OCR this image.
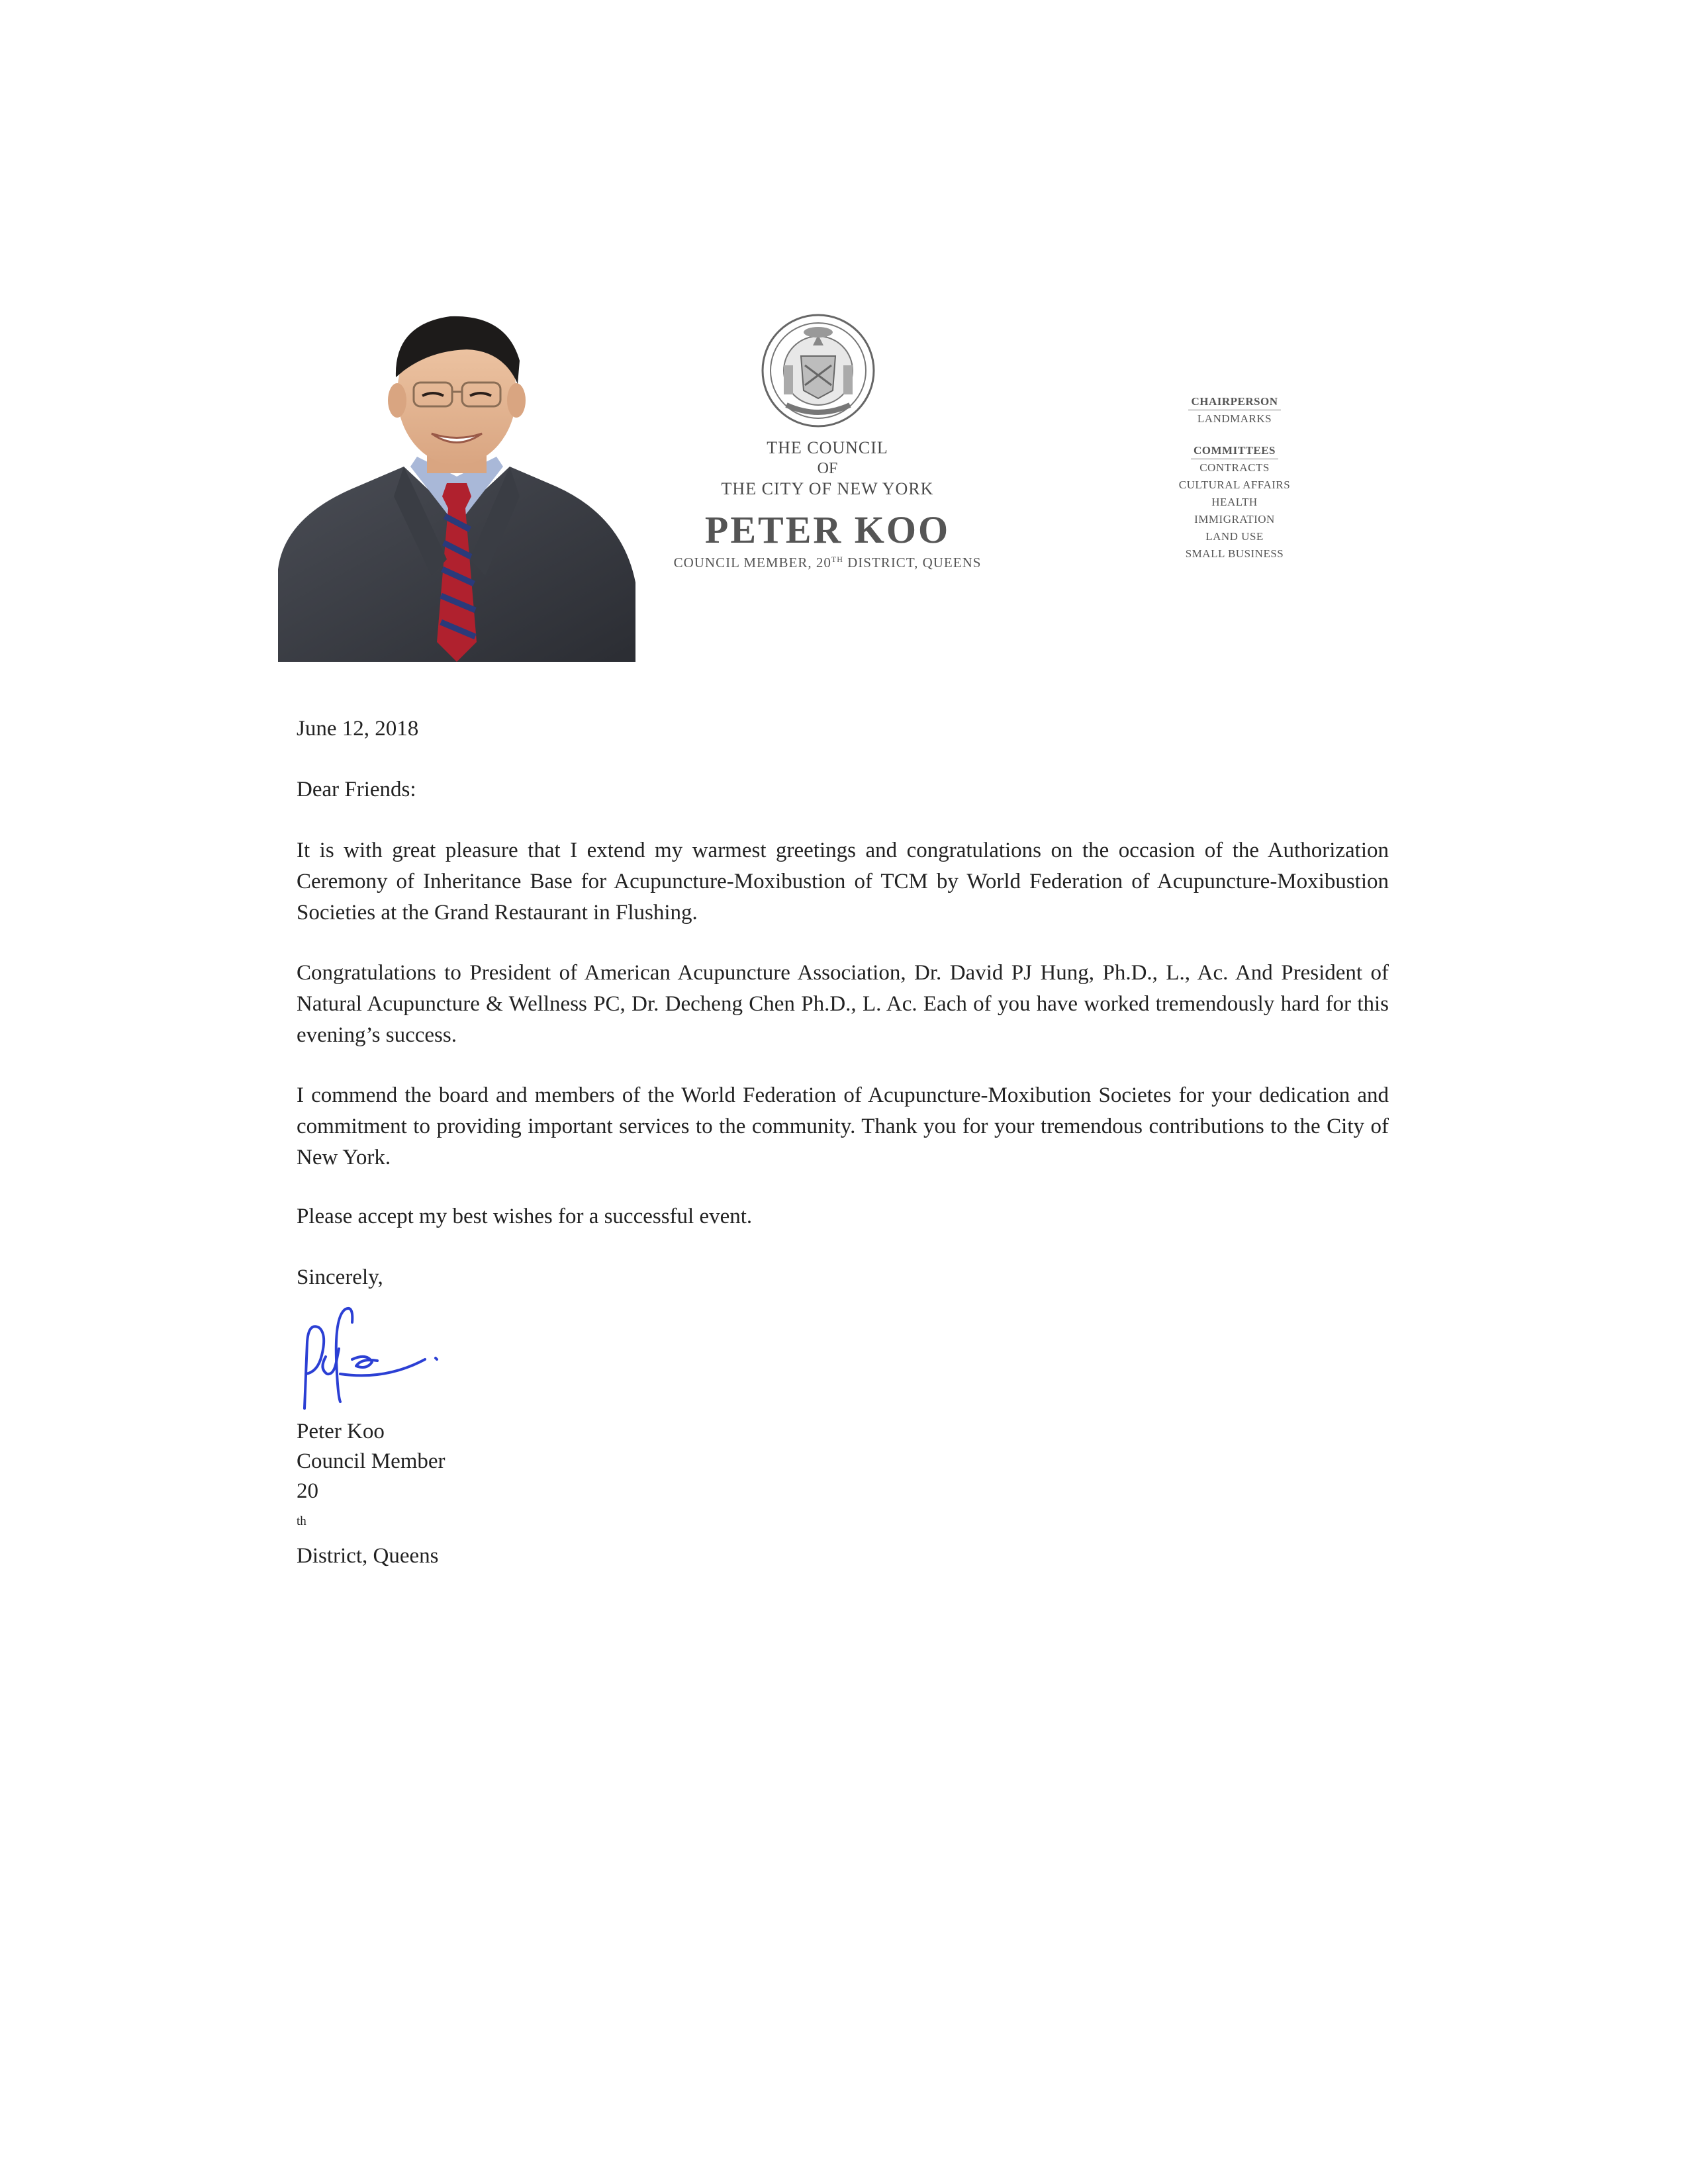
THE COUNCIL
OF
THE CITY OF NEW YORK
PETER KOO
COUNCIL MEMBER, 20TH DISTRICT, QUEENS
CHAIRPERSON
LANDMARKS
COMMITTEES
CONTRACTS
CULTURAL AFFAIRS
HEALTH
IMMIGRATION
LAND USE
SMALL BUSINESS
June 12, 2018
Dear Friends:

It is with great pleasure that I extend my warmest greetings and congratulations on the occasion of the Authorization Ceremony of Inheritance Base for Acupuncture-Moxibustion of TCM by World Federation of Acupuncture-Moxibustion Societies at the Grand Restaurant in Flushing.

Congratulations to President of American Acupuncture Association, Dr. David PJ Hung, Ph.D., L., Ac. And President of Natural Acupuncture & Wellness PC, Dr. Decheng Chen Ph.D., L. Ac. Each of you have worked tremendously hard for this evening’s success.

I commend the board and members of the World Federation of Acupuncture-Moxibution Societes for your dedication and commitment to providing important services to the community. Thank you for your tremendous contributions to the City of New York.

Please accept my best wishes for a successful event.
Sincerely,
Peter Koo
Council Member
20
$^{th}$
District, Queens
